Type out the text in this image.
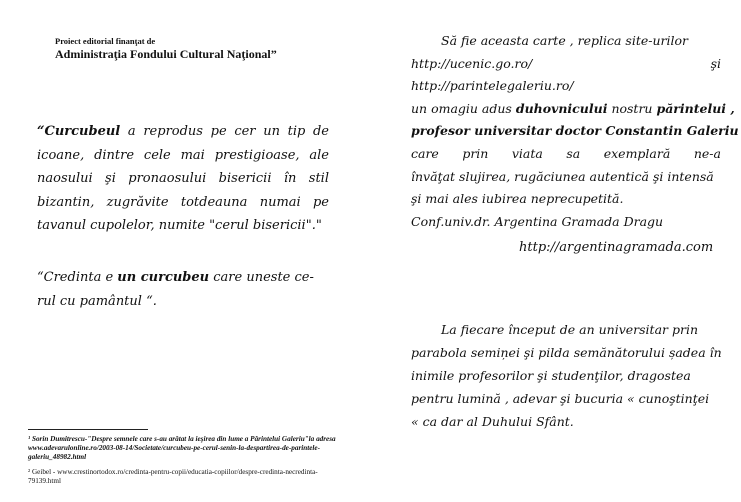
Proiect editorial finanţat de
Administraţia Fondului Cultural Naţional”
“Curcubeul a reprodus pe cer un tip de icoane, dintre cele mai prestigioase, ale naosului şi pronaosului bisericii în stil bizantin, zugrăvite totdeauna numai pe tavanul cupolelor, numite "cerul bisericii"."
“Credinta e un curcubeu care uneste ce-rul cu pamântul “.
¹ Sorin Dumitrescu-"Despre semnele care s-au arătat la ieşirea din lume a Părintelui Galeriu"la adresa www.adevarulonline.ro/2003-08-14/Societate/curcubeu-pe-cerul-senin-la-despartirea-de-parintele-galeriu_48982.html
² Geibel - www.crestinortodox.ro/credinta-pentru-copii/educatia-copiilor/despre-credinta-necredinta-79139.html
Să fie aceasta carte , replica site-urilor
http://ucenic.go.ro/	şi
http://parintelegaleriu.ro/
un omagiu adus duhovnicului nostru părintelui ,
profesor universitar doctor Constantin Galeriu
care prin viata sa exemplară ne-a
învăţat slujirea, rugăciunea autentică şi intensă
şi mai ales iubirea neprecupetită.
Conf.univ.dr. Argentina Gramada Dragu
http://argentinagramada.com
La fiecare început de an universitar prin
parabola semin̦ei şi pilda semănătorului șadea în
inimile profesorilor şi studenţilor, dragostea
pentru lumină , adevar şi bucuria « cunoştinţei
« ca dar al Duhului Sfânt.
